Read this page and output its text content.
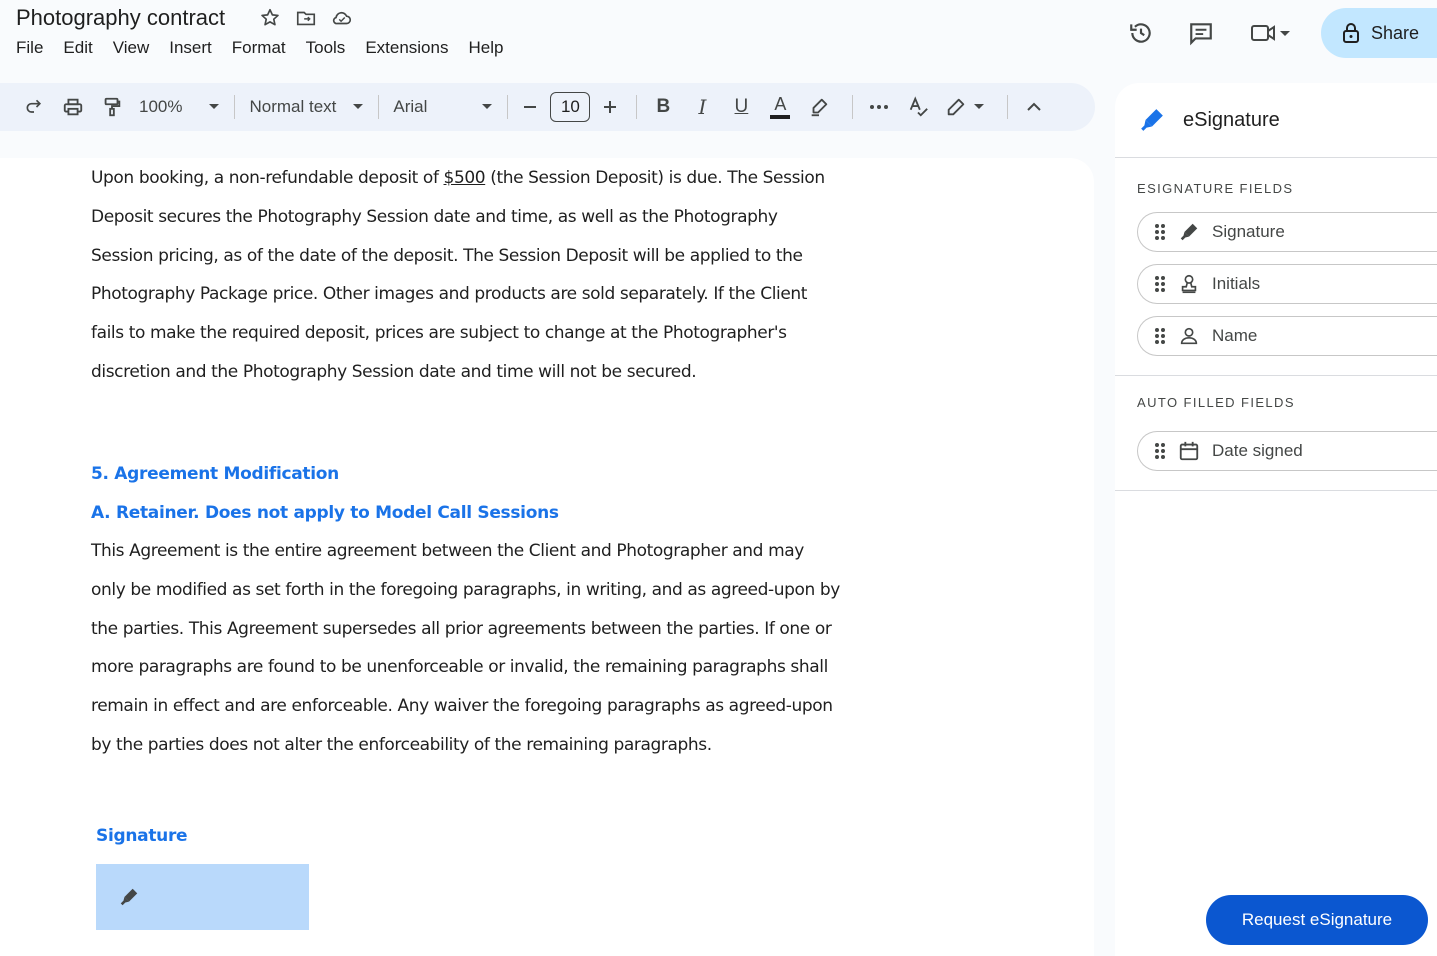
Photography contract
File	Edit	View	Insert	Format	Tools	Extensions	Help
Share
100%	Normal text	Arial	10	B	I	U	A
Upon booking, a non-refundable deposit of $500 (the Session Deposit) is due. The Session
Deposit secures the Photography Session date and time, as well as the Photography
Session pricing, as of the date of the deposit. The Session Deposit will be applied to the
Photography Package price. Other images and products are sold separately. If the Client
fails to make the required deposit, prices are subject to change at the Photographer's
discretion and the Photography Session date and time will not be secured.
5. Agreement Modification
A. Retainer. Does not apply to Model Call Sessions
This Agreement is the entire agreement between the Client and Photographer and may
only be modified as set forth in the foregoing paragraphs, in writing, and as agreed-upon by
the parties. This Agreement supersedes all prior agreements between the parties. If one or
more paragraphs are found to be unenforceable or invalid, the remaining paragraphs shall
remain in effect and are enforceable. Any waiver the foregoing paragraphs as agreed-upon
by the parties does not alter the enforceability of the remaining paragraphs.
Signature
eSignature
ESIGNATURE FIELDS
Signature
Initials
Name
AUTO FILLED FIELDS
Date signed
Request eSignature
